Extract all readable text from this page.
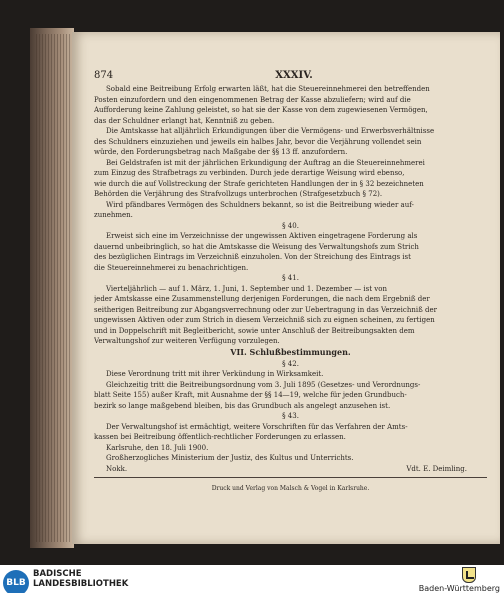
874	XXXIV.
Sobald eine Beitreibung Erfolg erwarten läßt, hat die Steuereinnehmerei den betreffenden
Posten einzufordern und den eingenommenen Betrag der Kasse abzuliefern; wird auf die
Aufforderung keine Zahlung geleistet, so hat sie der Kasse von dem zugewiesenen Vermögen,
das der Schuldner erlangt hat, Kenntniß zu geben.
Die Amtskasse hat alljährlich Erkundigungen über die Vermögens- und Erwerbsverhältnisse
des Schuldners einzuziehen und jeweils ein halbes Jahr, bevor die Verjährung vollendet sein
würde, den Forderungsbetrag nach Maßgabe der §§ 13 ff. anzufordern.
Bei Geldstrafen ist mit der jährlichen Erkundigung der Auftrag an die Steuereinnehmerei
zum Einzug des Strafbetrags zu verbinden. Durch jede derartige Weisung wird ebenso,
wie durch die auf Vollstreckung der Strafe gerichteten Handlungen der in § 32 bezeichneten
Behörden die Verjährung des Strafvollzugs unterbrochen (Strafgesetzbuch § 72).
Wird pfändbares Vermögen des Schuldners bekannt, so ist die Beitreibung wieder auf-
zunehmen.
§ 40.
Erweist sich eine im Verzeichnisse der ungewissen Aktiven eingetragene Forderung als
dauernd unbeibringlich, so hat die Amtskasse die Weisung des Verwaltungshofs zum Strich
des bezüglichen Eintrags im Verzeichniß einzuholen. Von der Streichung des Eintrags ist
die Steuereinnehmerei zu benachrichtigen.
§ 41.
Vierteljährlich — auf 1. März, 1. Juni, 1. September und 1. Dezember — ist von
jeder Amtskasse eine Zusammenstellung derjenigen Forderungen, die nach dem Ergebniß der
seitherigen Beitreibung zur Abgangsverrechnung oder zur Uebertragung in das Verzeichniß der
ungewissen Aktiven oder zum Strich in diesem Verzeichniß sich zu eignen scheinen, zu fertigen
und in Doppelschrift mit Begleitbericht, sowie unter Anschluß der Beitreibungsakten dem
Verwaltungshof zur weiteren Verfügung vorzulegen.
VII. Schlußbestimmungen.
§ 42.
Diese Verordnung tritt mit ihrer Verkündung in Wirksamkeit.
Gleichzeitig tritt die Beitreibungsordnung vom 3. Juli 1895 (Gesetzes- und Verordnungs-
blatt Seite 155) außer Kraft, mit Ausnahme der §§ 14—19, welche für jeden Grundbuch-
bezirk so lange maßgebend bleiben, bis das Grundbuch als angelegt anzusehen ist.
§ 43.
Der Verwaltungshof ist ermächtigt, weitere Vorschriften für das Verfahren der Amts-
kassen bei Beitreibung öffentlich-rechtlicher Forderungen zu erlassen.
Karlsruhe, den 18. Juli 1900.
Großherzogliches Ministerium der Justiz, des Kultus und Unterrichts.
Nokk.	Vdt. E. Deimling.
Druck und Verlag von Malsch & Vogel in Karlsruhe.
BLB
BADISCHE
LANDESBIBLIOTHEK	Baden-Württemberg
